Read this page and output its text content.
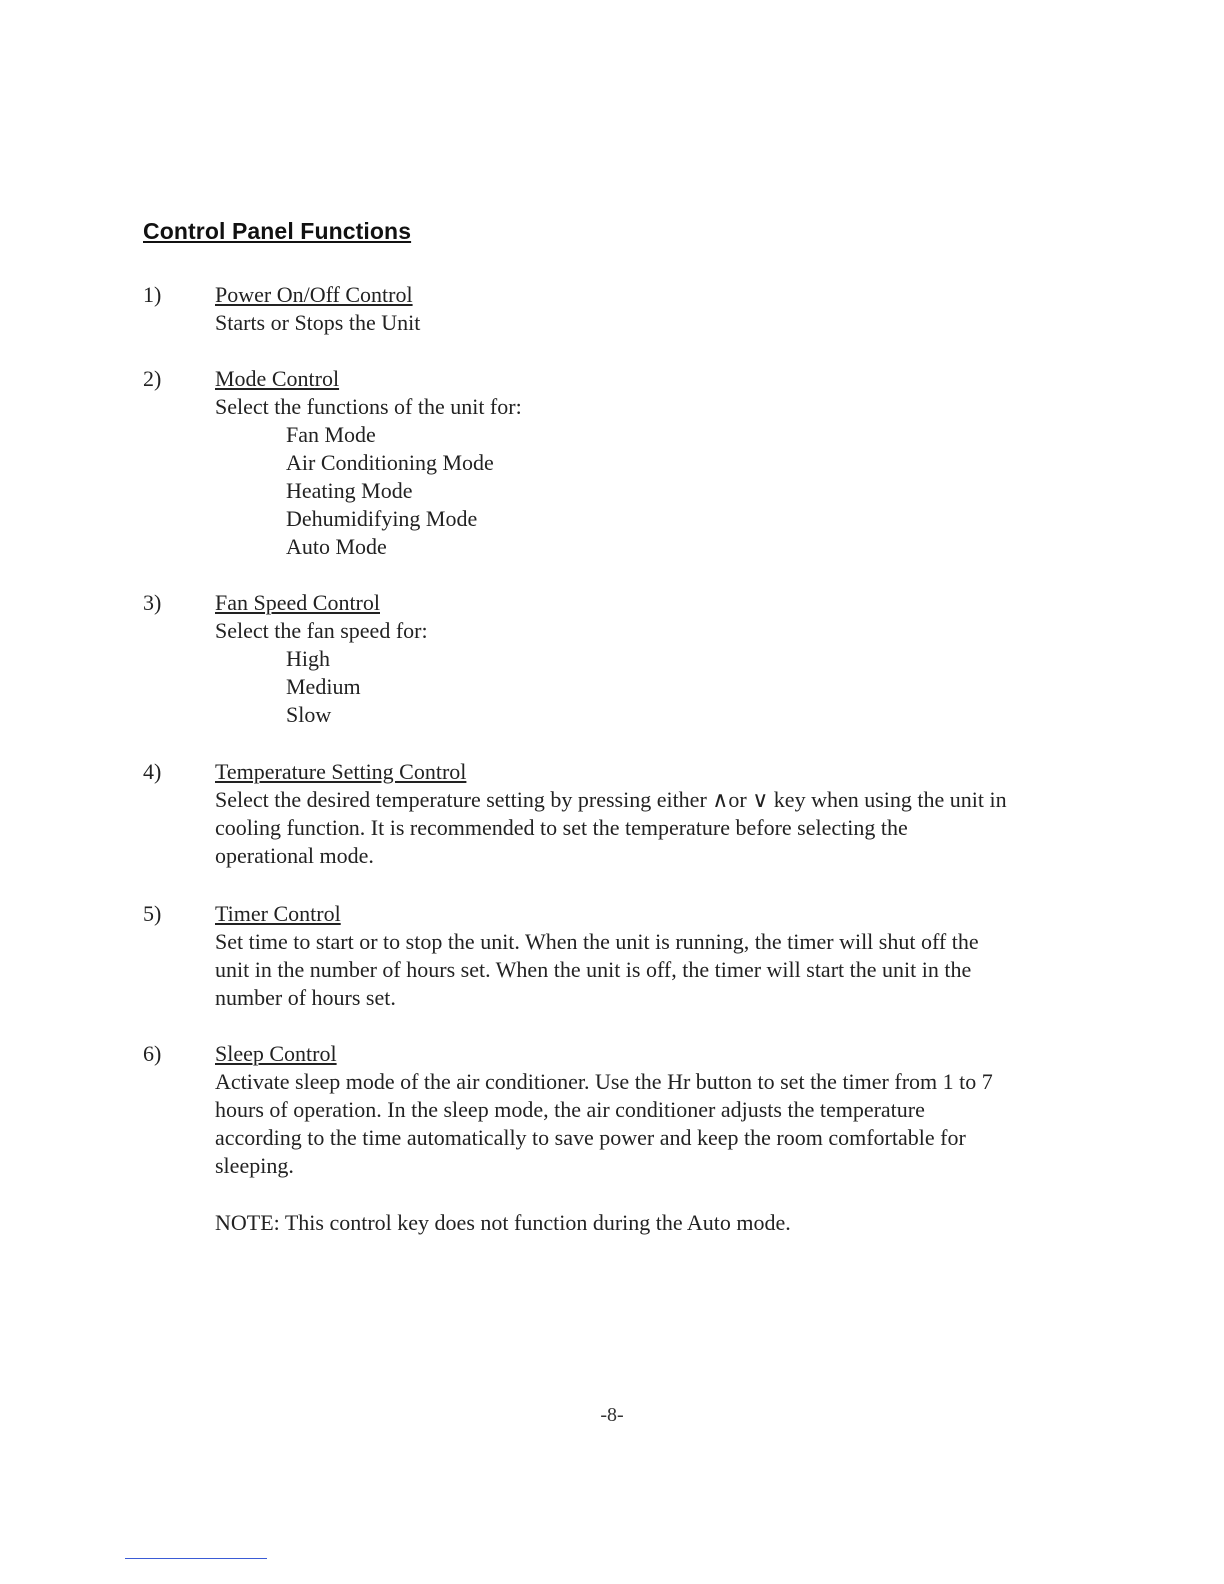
Control Panel Functions
1) Power On/Off Control
Starts or Stops the Unit
2) Mode Control
Select the functions of the unit for:
Fan Mode
Air Conditioning Mode
Heating Mode
Dehumidifying Mode
Auto Mode
3) Fan Speed Control
Select the fan speed for:
High
Medium
Slow
4) Temperature Setting Control
Select the desired temperature setting by pressing either ∧or ∨ key when using the unit in
cooling function. It is recommended to set the temperature before selecting the
operational mode.
5) Timer Control
Set time to start or to stop the unit. When the unit is running, the timer will shut off the
unit in the number of hours set. When the unit is off, the timer will start the unit in the
number of hours set.
6) Sleep Control
Activate sleep mode of the air conditioner. Use the Hr button to set the timer from 1 to 7
hours of operation. In the sleep mode, the air conditioner adjusts the temperature
according to the time automatically to save power and keep the room comfortable for
sleeping.
NOTE: This control key does not function during the Auto mode.
-8-
